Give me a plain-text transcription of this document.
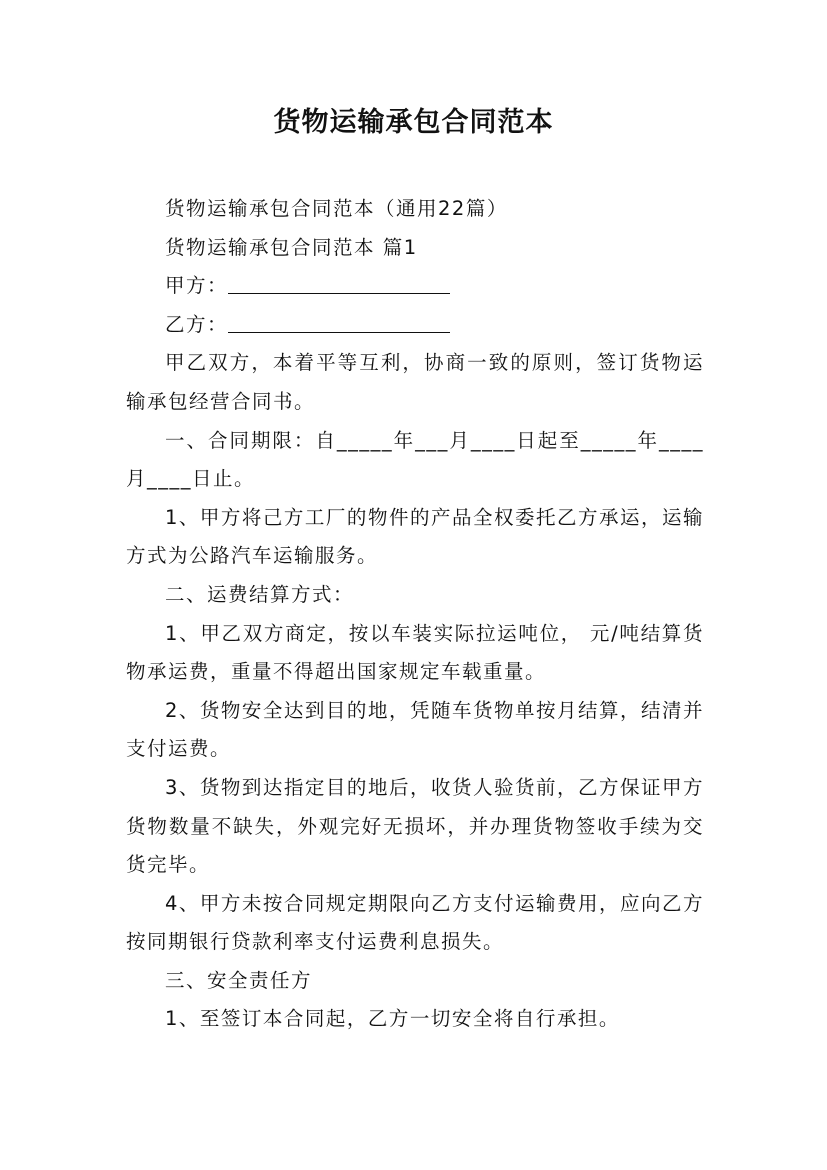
货物运输承包合同范本

货物运输承包合同范本（通用22篇）

货物运输承包合同范本 篇1

甲方：

乙方：

甲乙双方，本着平等互利，协商一致的原则，签订货物运输承包经营合同书。

一、合同期限：自_____年___月____日起至_____年____月____日止。

1、甲方将己方工厂的物件的产品全权委托乙方承运，运输方式为公路汽车运输服务。

二、运费结算方式：

1、甲乙双方商定，按以车装实际拉运吨位， 元/吨结算货物承运费，重量不得超出国家规定车载重量。

2、货物安全达到目的地，凭随车货物单按月结算，结清并支付运费。

3、货物到达指定目的地后，收货人验货前，乙方保证甲方货物数量不缺失，外观完好无损坏，并办理货物签收手续为交货完毕。

4、甲方未按合同规定期限向乙方支付运输费用，应向乙方按同期银行贷款利率支付运费利息损失。

三、安全责任方

1、至签订本合同起，乙方一切安全将自行承担。
